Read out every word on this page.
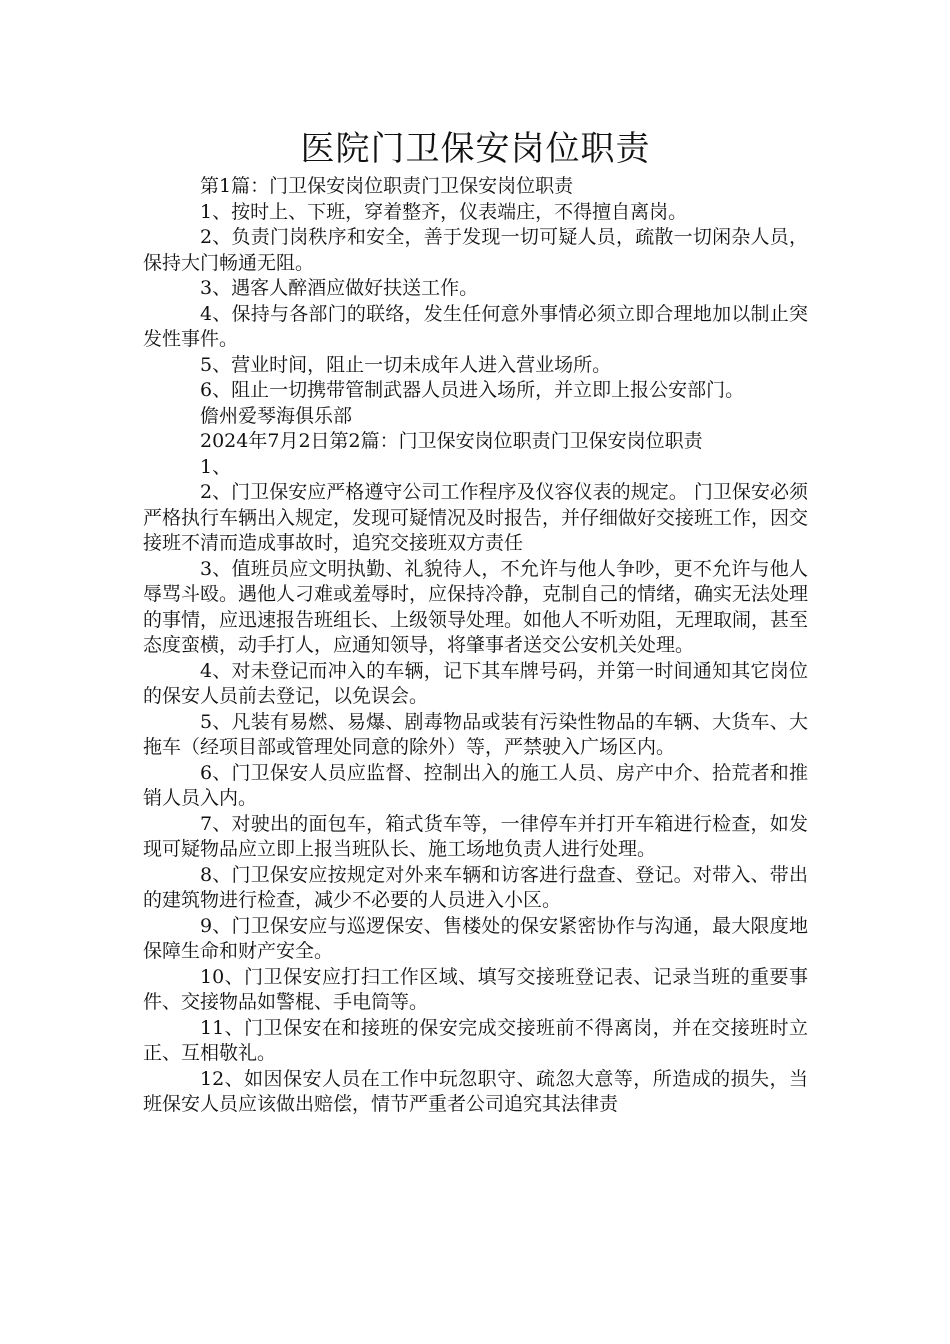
医院门卫保安岗位职责

第1篇：门卫保安岗位职责门卫保安岗位职责

1、按时上、下班，穿着整齐，仪表端庄，不得擅自离岗。

2、负责门岗秩序和安全，善于发现一切可疑人员，疏散一切闲杂人员，保持大门畅通无阻。

3、遇客人醉酒应做好扶送工作。

4、保持与各部门的联络，发生任何意外事情必须立即合理地加以制止突发性事件。

5、营业时间，阻止一切未成年人进入营业场所。

6、阻止一切携带管制武器人员进入场所，并立即上报公安部门。

儋州爱琴海俱乐部

2024年7月2日第2篇：门卫保安岗位职责门卫保安岗位职责

1、

2、门卫保安应严格遵守公司工作程序及仪容仪表的规定。 门卫保安必须严格执行车辆出入规定，发现可疑情况及时报告，并仔细做好交接班工作，因交接班不清而造成事故时，追究交接班双方责任

3、值班员应文明执勤、礼貌待人，不允许与他人争吵，更不允许与他人辱骂斗殴。遇他人刁难或羞辱时，应保持冷静，克制自己的情绪，确实无法处理的事情，应迅速报告班组长、上级领导处理。如他人不听劝阻，无理取闹，甚至态度蛮横，动手打人，应通知领导，将肇事者送交公安机关处理。

4、对未登记而冲入的车辆，记下其车牌号码，并第一时间通知其它岗位的保安人员前去登记，以免误会。

5、凡装有易燃、易爆、剧毒物品或装有污染性物品的车辆、大货车、大拖车（经项目部或管理处同意的除外）等，严禁驶入广场区内。

6、门卫保安人员应监督、控制出入的施工人员、房产中介、拾荒者和推销人员入内。

7、对驶出的面包车，箱式货车等，一律停车并打开车箱进行检查，如发现可疑物品应立即上报当班队长、施工场地负责人进行处理。

8、门卫保安应按规定对外来车辆和访客进行盘查、登记。对带入、带出的建筑物进行检查，减少不必要的人员进入小区。

9、门卫保安应与巡逻保安、售楼处的保安紧密协作与沟通，最大限度地保障生命和财产安全。

10、门卫保安应打扫工作区域、填写交接班登记表、记录当班的重要事件、交接物品如警棍、手电筒等。

11、门卫保安在和接班的保安完成交接班前不得离岗，并在交接班时立正、互相敬礼。

12、如因保安人员在工作中玩忽职守、疏忽大意等，所造成的损失，当班保安人员应该做出赔偿，情节严重者公司追究其法律责
